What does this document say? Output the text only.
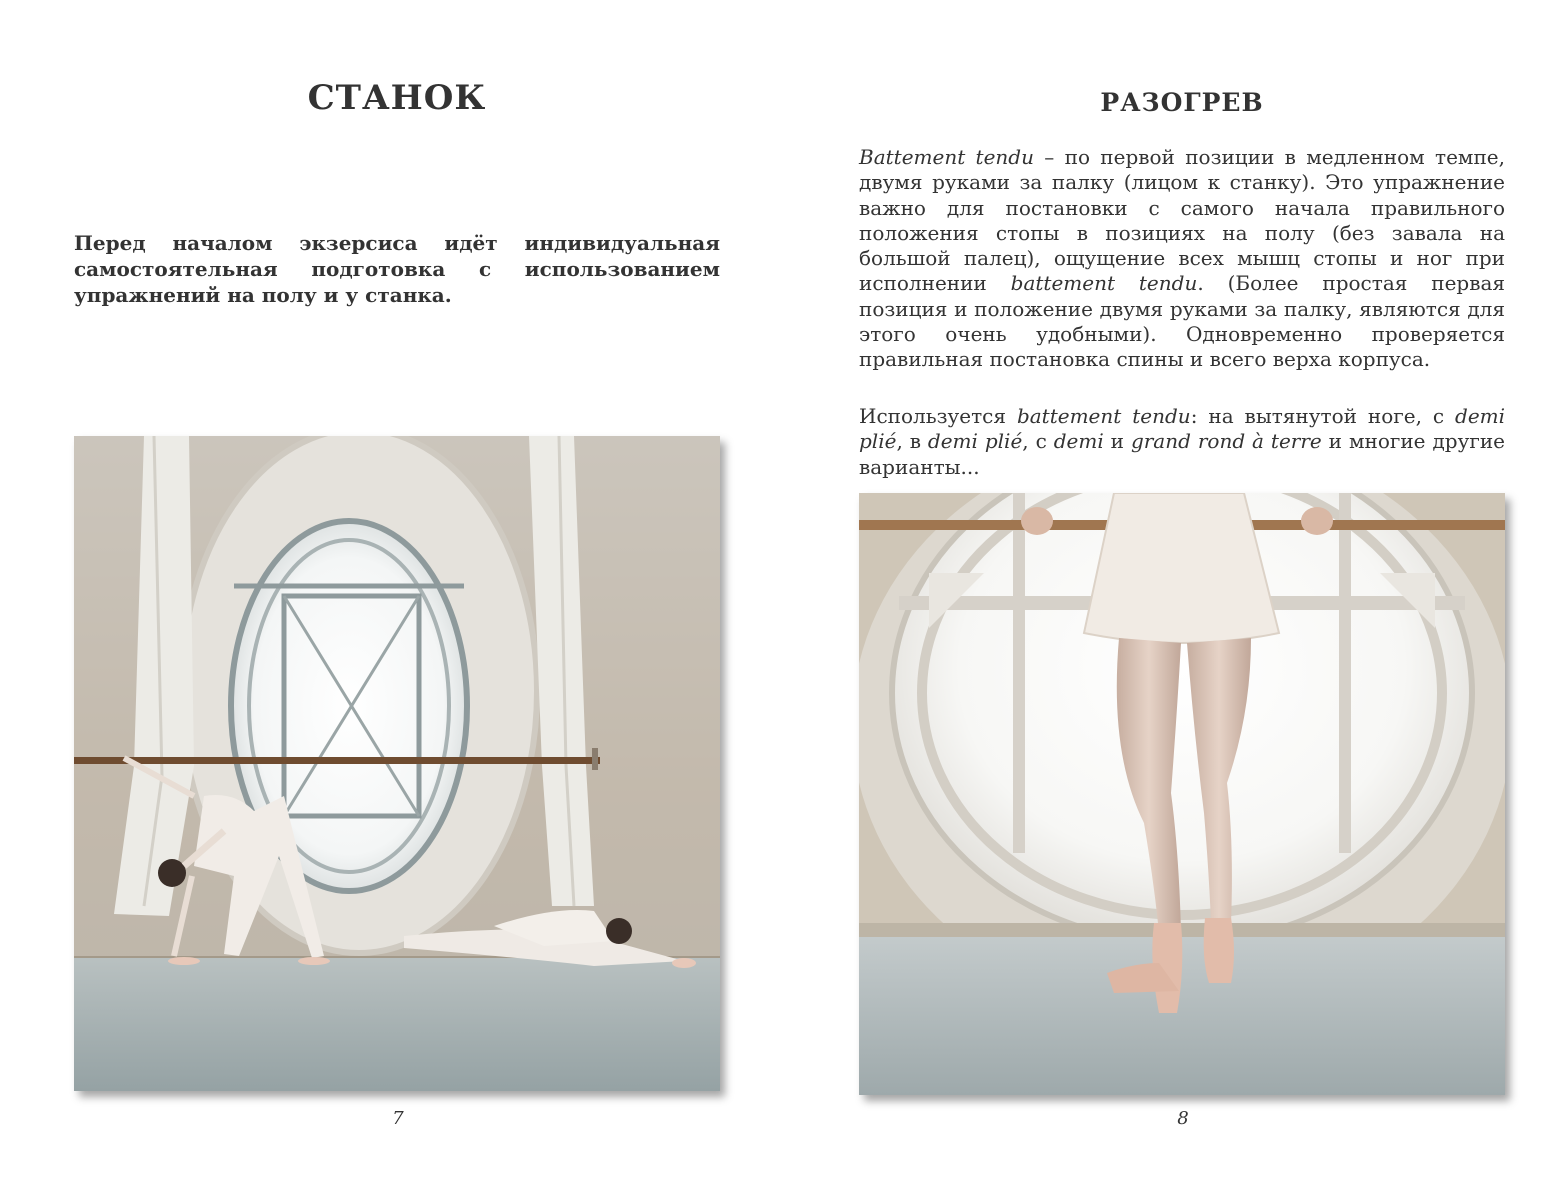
СТАНОК

Перед началом экзерсиса идёт индивидуальная самостоятельная подготовка с использованием упражнений на полу и у станка.

7
РАЗОГРЕВ

Battement tendu – по первой позиции в медленном темпе, двумя руками за палку (лицом к станку). Это упражнение важно для постановки с самого начала правильного положения стопы в позициях на полу (без завала на большой палец), ощущение всех мышц стопы и ног при исполнении battement tendu. (Более простая первая позиция и положение двумя руками за палку, являются для этого очень удобными). Одновременно проверяется правильная постановка спины и всего верха корпуса.

Используется battement tendu: на вытянутой ноге, с demi plié, в demi plié, с demi и grand rond à terre и многие другие варианты...

8
